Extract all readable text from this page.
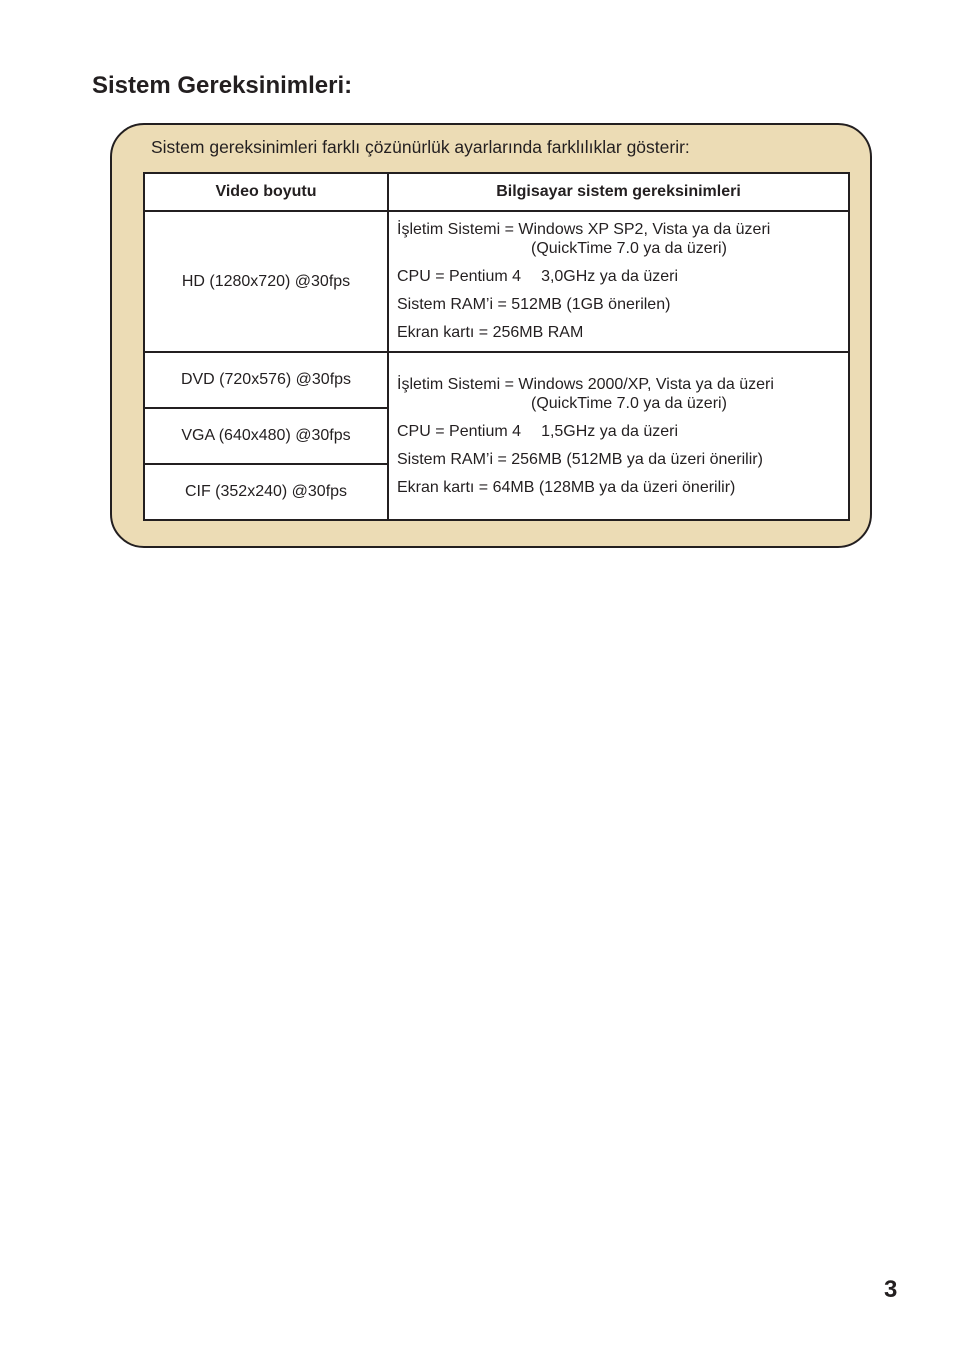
Sistem Gereksinimleri:

Sistem gereksinimleri farklı çözünürlük ayarlarında farklılıklar gösterir:

Video boyutu	Bilgisayar sistem gereksinimleri
HD (1280x720) @30fps	İşletim Sistemi = Windows XP SP2, Vista ya da üzeri
(QuickTime 7.0 ya da üzeri)
CPU = Pentium 4 3,0GHz ya da üzeri
Sistem RAM’i = 512MB (1GB önerilen)
Ekran kartı = 256MB RAM

DVD (720x576) @30fps	İşletim Sistemi = Windows 2000/XP, Vista ya da üzeri
(QuickTime 7.0 ya da üzeri)
CPU = Pentium 4 1,5GHz ya da üzeri
Sistem RAM’i = 256MB (512MB ya da üzeri önerilir)
Ekran kartı = 64MB (128MB ya da üzeri önerilir)

VGA (640x480) @30fps	
CIF (352x240) @30fps	

3
